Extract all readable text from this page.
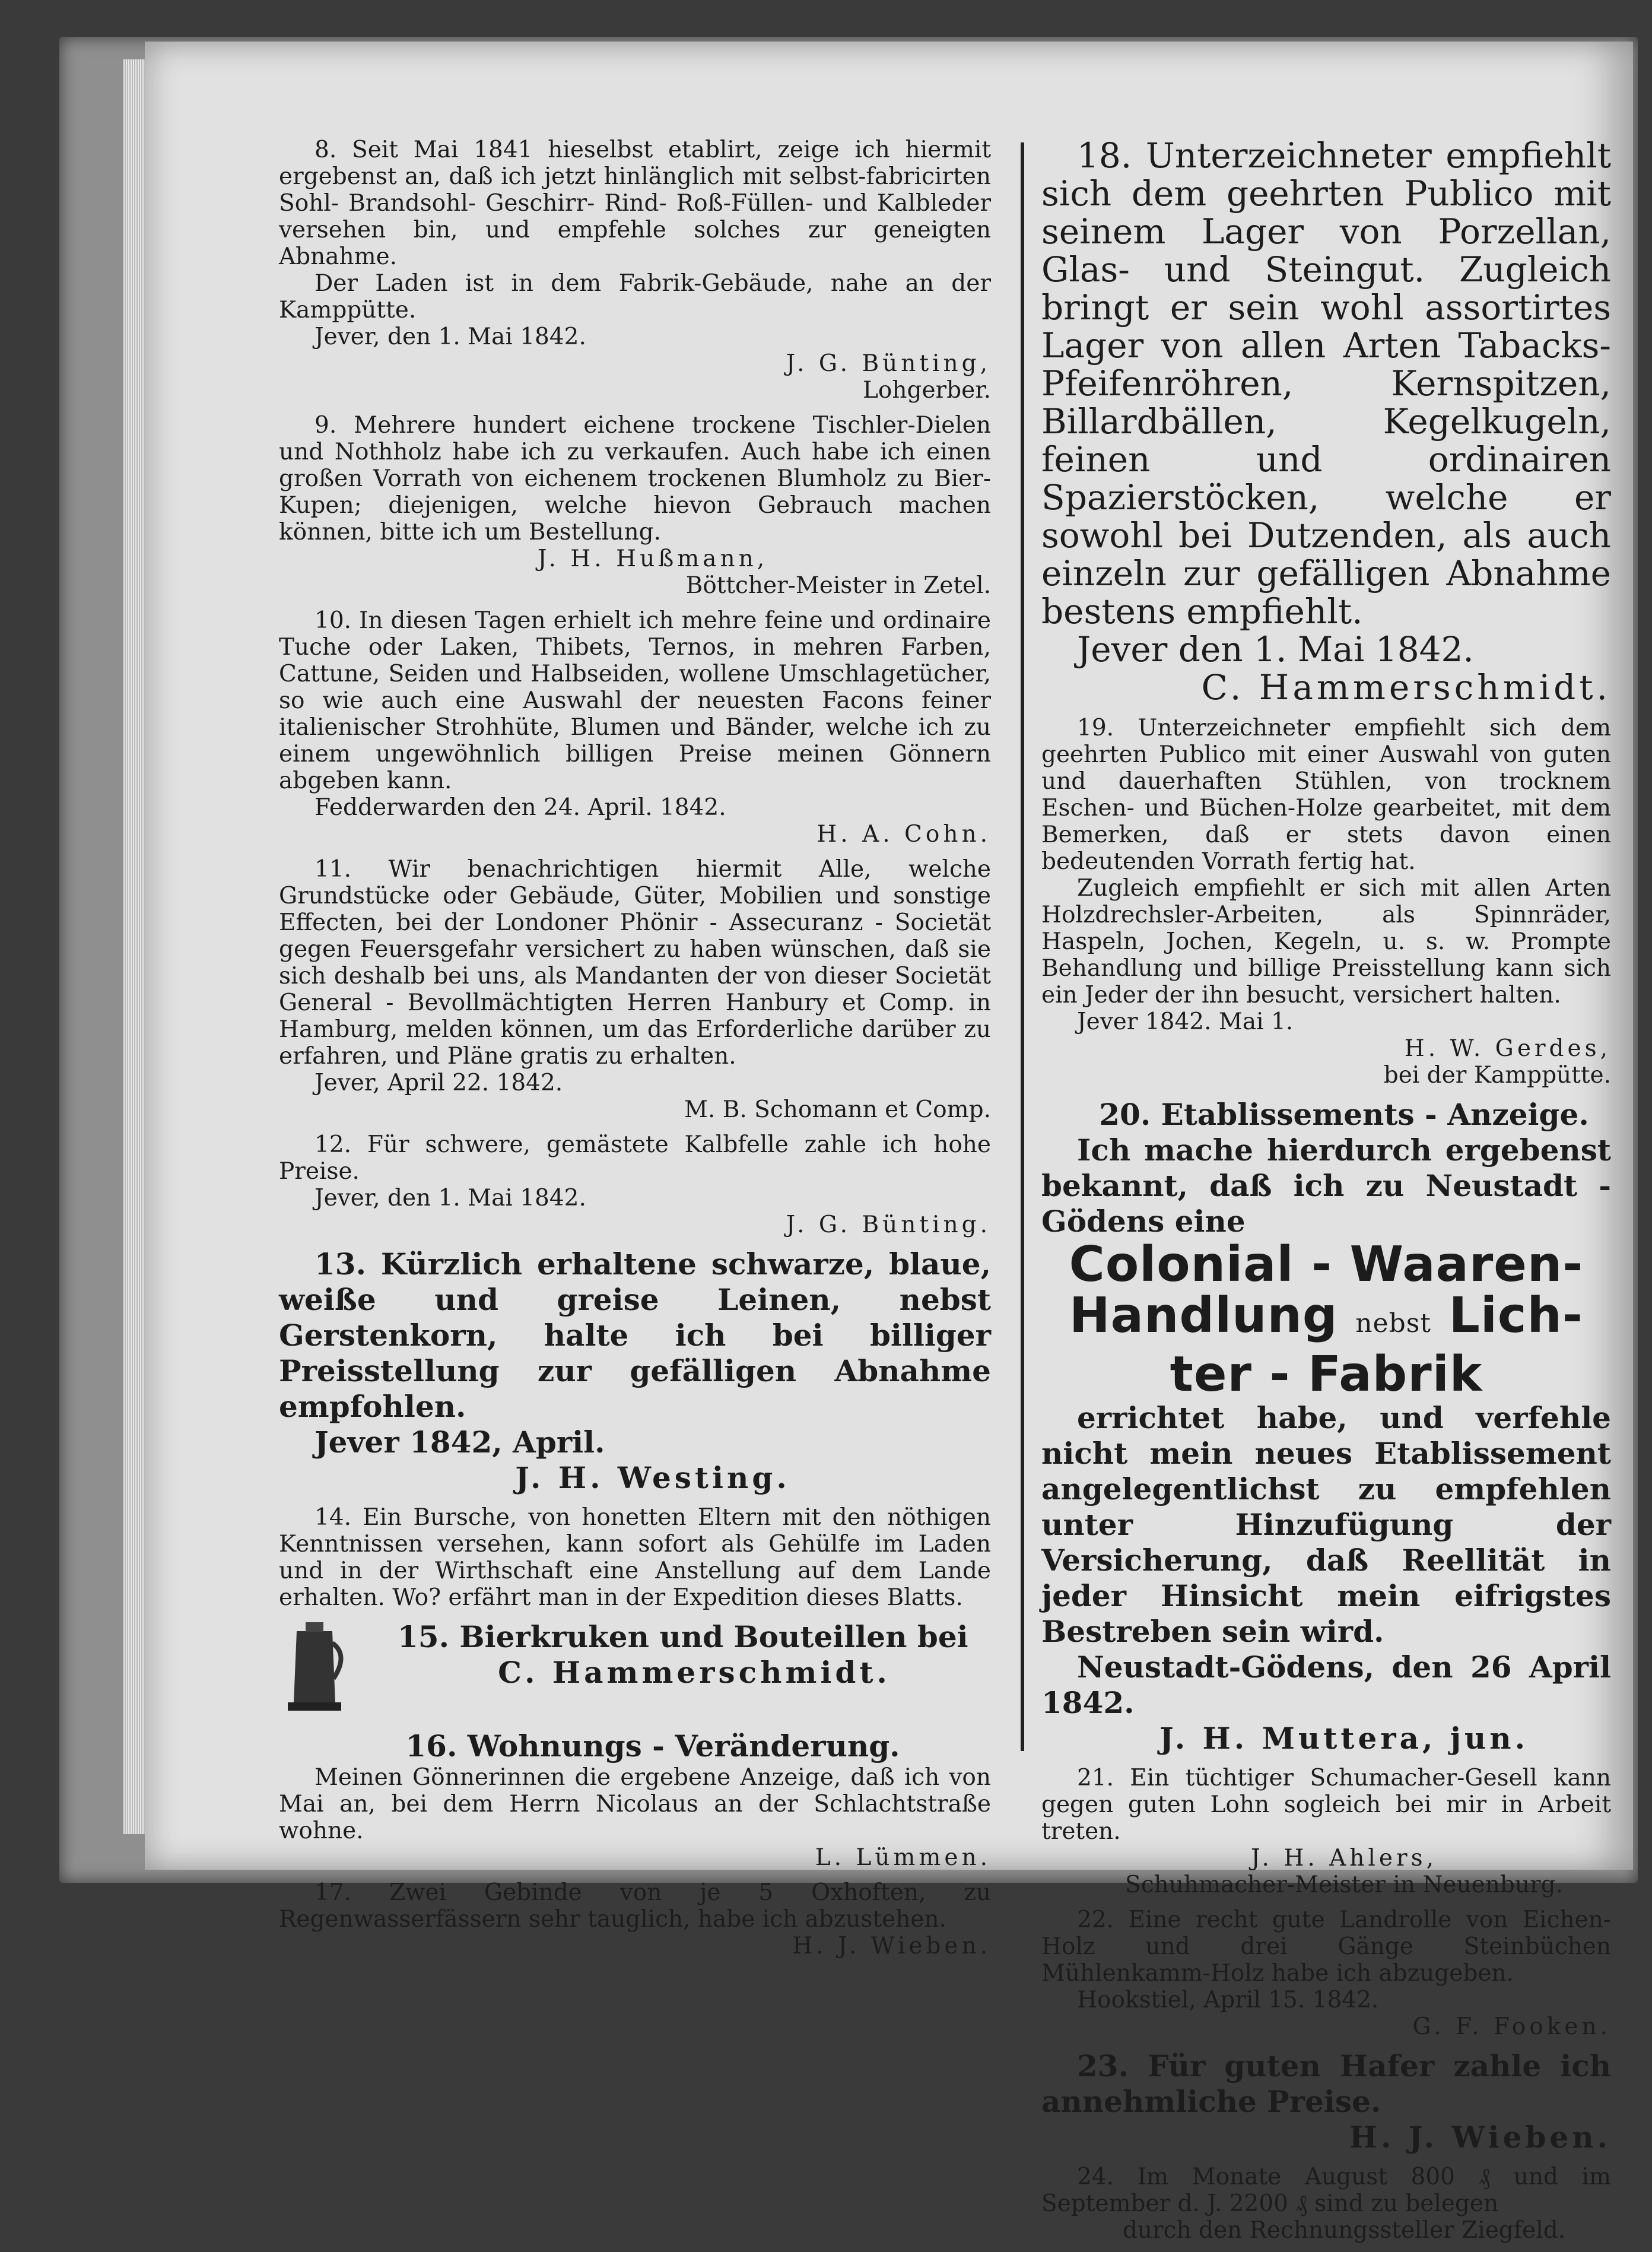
8. Seit Mai 1841 hieselbst etablirt, zeige ich hiermit ergebenst an, daß ich jetzt hinlänglich mit selbst-fabricirten Sohl- Brandsohl- Geschirr- Rind- Roß-Füllen- und Kalbleder versehen bin, und empfehle solches zur geneigten Abnahme.

Der Laden ist in dem Fabrik-Gebäude, nahe an der Kamppütte.

Jever, den 1. Mai 1842.

J. G. Bünting,

Lohgerber.

9. Mehrere hundert eichene trockene Tischler-Dielen und Nothholz habe ich zu verkaufen. Auch habe ich einen großen Vorrath von eichenem trockenen Blumholz zu Bier-Kupen; diejenigen, welche hievon Gebrauch machen können, bitte ich um Bestellung.

J. H. Hußmann,

Böttcher-Meister in Zetel.

10. In diesen Tagen erhielt ich mehre feine und ordinaire Tuche oder Laken, Thibets, Ternos, in mehren Farben, Cattune, Seiden und Halbseiden, wollene Umschlagetücher, so wie auch eine Auswahl der neuesten Facons feiner italienischer Strohhüte, Blumen und Bänder, welche ich zu einem ungewöhnlich billigen Preise meinen Gönnern abgeben kann.

Fedderwarden den 24. April. 1842.

H. A. Cohn.

11. Wir benachrichtigen hiermit Alle, welche Grundstücke oder Gebäude, Güter, Mobilien und sonstige Effecten, bei der Londoner Phönir - Assecuranz - Societät gegen Feuersgefahr versichert zu haben wünschen, daß sie sich deshalb bei uns, als Mandanten der von dieser Societät General - Bevollmächtigten Herren Hanbury et Comp. in Hamburg, melden können, um das Erforderliche darüber zu erfahren, und Pläne gratis zu erhalten.

Jever, April 22. 1842.

M. B. Schomann et Comp.

12. Für schwere, gemästete Kalbfelle zahle ich hohe Preise.

Jever, den 1. Mai 1842.

J. G. Bünting.

13. Kürzlich erhaltene schwarze, blaue, weiße und greise Leinen, nebst Gerstenkorn, halte ich bei billiger Preisstellung zur gefälligen Abnahme empfohlen.

Jever 1842, April.

J. H. Westing.

14. Ein Bursche, von honetten Eltern mit den nöthigen Kenntnissen versehen, kann sofort als Gehülfe im Laden und in der Wirthschaft eine Anstellung auf dem Lande erhalten. Wo? erfährt man in der Expedition dieses Blatts.

15. Bierkruken und Bouteillen bei

C. Hammerschmidt.

16. Wohnungs - Veränderung.

Meinen Gönnerinnen die ergebene Anzeige, daß ich von Mai an, bei dem Herrn Nicolaus an der Schlachtstraße wohne.

L. Lümmen.

17. Zwei Gebinde von je 5 Oxhoften, zu Regenwasserfässern sehr tauglich, habe ich abzustehen.

H. J. Wieben.

18. Unterzeichneter empfiehlt sich dem geehrten Publico mit seinem Lager von Porzellan, Glas- und Steingut. Zugleich bringt er sein wohl assortirtes Lager von allen Arten Tabacks-Pfeifenröhren, Kernspitzen, Billardbällen, Kegelkugeln, feinen und ordinairen Spazierstöcken, welche er sowohl bei Dutzenden, als auch einzeln zur gefälligen Abnahme bestens empfiehlt.

Jever den 1. Mai 1842.

C. Hammerschmidt.

19. Unterzeichneter empfiehlt sich dem geehrten Publico mit einer Auswahl von guten und dauerhaften Stühlen, von trocknem Eschen- und Büchen-Holze gearbeitet, mit dem Bemerken, daß er stets davon einen bedeutenden Vorrath fertig hat.

Zugleich empfiehlt er sich mit allen Arten Holzdrechsler-Arbeiten, als Spinnräder, Haspeln, Jochen, Kegeln, u. s. w. Prompte Behandlung und billige Preisstellung kann sich ein Jeder der ihn besucht, versichert halten.

Jever 1842. Mai 1.

H. W. Gerdes,

bei der Kamppütte.

20. Etablissements - Anzeige.

Ich mache hierdurch ergebenst bekannt, daß ich zu Neustadt - Gödens eine

Colonial - Waaren-
Handlung nebst Lich-
ter - Fabrik

errichtet habe, und verfehle nicht mein neues Etablissement angelegentlichst zu empfehlen unter Hinzufügung der Versicherung, daß Reellität in jeder Hinsicht mein eifrigstes Bestreben sein wird.

Neustadt-Gödens, den 26 April 1842.

J. H. Muttera, jun.

21. Ein tüchtiger Schumacher-Gesell kann gegen guten Lohn sogleich bei mir in Arbeit treten.

J. H. Ahlers,

Schuhmacher-Meister in Neuenburg.

22. Eine recht gute Landrolle von Eichen-Holz und drei Gänge Steinbüchen Mühlenkamm-Holz habe ich abzugeben.

Hookstiel, April 15. 1842.

G. F. Fooken.

23. Für guten Hafer zahle ich annehmliche Preise.

H. J. Wieben.

24. Im Monate August 800 ₰ und im September d. J. 2200 ₰ sind zu belegen

durch den Rechnungssteller Ziegfeld.
